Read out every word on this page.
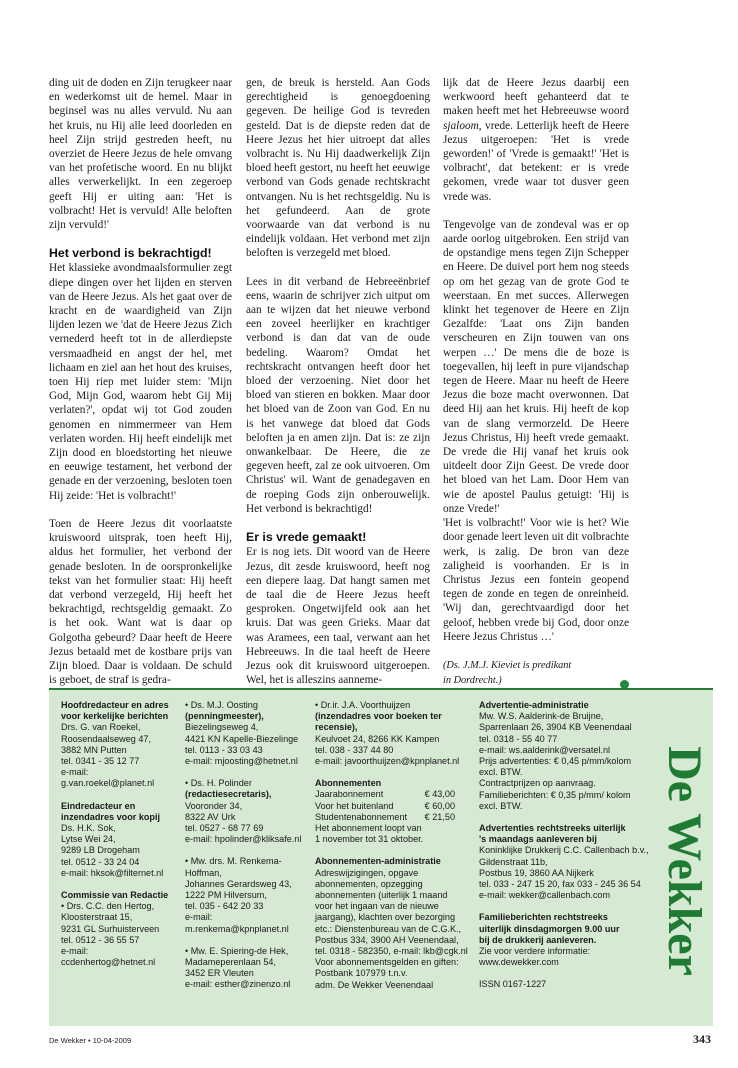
ding uit de doden en Zijn terugkeer naar en wederkomst uit de hemel. Maar in beginsel was nu alles vervuld. Nu aan het kruis, nu Hij alle leed doorleden en heel Zijn strijd gestreden heeft, nu overziet de Heere Jezus de hele omvang van het profetische woord. En nu blijkt alles verwerkelijkt. In een zegeroep geeft Hij er uiting aan: 'Het is volbracht! Het is vervuld! Alle beloften zijn vervuld!'

Het verbond is bekrachtigd!

Het klassieke avondmaalsformulier zegt diepe dingen over het lijden en sterven van de Heere Jezus. Als het gaat over de kracht en de waardigheid van Zijn lijden lezen we 'dat de Heere Jezus Zich vernederd heeft tot in de allerdiepste versmaadheid en angst der hel, met lichaam en ziel aan het hout des kruises, toen Hij riep met luider stem: 'Mijn God, Mijn God, waarom hebt Gij Mij verlaten?', opdat wij tot God zouden genomen en nimmermeer van Hem verlaten worden. Hij heeft eindelijk met Zijn dood en bloedstorting het nieuwe en eeuwige testament, het verbond der genade en der verzoening, besloten toen Hij zeide: 'Het is volbracht!'

Toen de Heere Jezus dit voorlaatste kruiswoord uitsprak, toen heeft Hij, aldus het formulier, het verbond der genade besloten. In de oorspronkelijke tekst van het formulier staat: Hij heeft dat verbond verzegeld, Hij heeft het bekrachtigd, rechtsgeldig gemaakt. Zo is het ook. Want wat is daar op Golgotha gebeurd? Daar heeft de Heere Jezus betaald met de kostbare prijs van Zijn bloed. Daar is voldaan. De schuld is geboet, de straf is gedra-

gen, de breuk is hersteld. Aan Gods gerechtigheid is genoegdoening gegeven. De heilige God is tevreden gesteld. Dat is de diepste reden dat de Heere Jezus het hier uitroept dat alles volbracht is. Nu Hij daadwerkelijk Zijn bloed heeft gestort, nu heeft het eeuwige verbond van Gods genade rechtskracht ontvangen. Nu is het rechtsgeldig. Nu is het gefundeerd. Aan de grote voorwaarde van dat verbond is nu eindelijk voldaan. Het verbond met zijn beloften is verzegeld met bloed.

Lees in dit verband de Hebreeënbrief eens, waarin de schrijver zich uitput om aan te wijzen dat het nieuwe verbond een zoveel heerlijker en krachtiger verbond is dan dat van de oude bedeling. Waarom? Omdat het rechtskracht ontvangen heeft door het bloed der verzoening. Niet door het bloed van stieren en bokken. Maar door het bloed van de Zoon van God. En nu is het vanwege dat bloed dat Gods beloften ja en amen zijn. Dat is: ze zijn onwankelbaar. De Heere, die ze gegeven heeft, zal ze ook uitvoeren. Om Christus' wil. Want de genadegaven en de roeping Gods zijn onberouwelijk. Het verbond is bekrachtigd!

Er is vrede gemaakt!

Er is nog iets. Dit woord van de Heere Jezus, dit zesde kruiswoord, heeft nog een diepere laag. Dat hangt samen met de taal die de Heere Jezus heeft gesproken. Ongetwijfeld ook aan het kruis. Dat was geen Grieks. Maar dat was Aramees, een taal, verwant aan het Hebreeuws. In die taal heeft de Heere Jezus ook dit kruiswoord uitgeroepen. Wel, het is alleszins aanneme-

lijk dat de Heere Jezus daarbij een werkwoord heeft gehanteerd dat te maken heeft met het Hebreeuwse woord sjaloom, vrede. Letterlijk heeft de Heere Jezus uitgeroepen: 'Het is vrede geworden!' of 'Vrede is gemaakt!' 'Het is volbracht', dat betekent: er is vrede gekomen, vrede waar tot dusver geen vrede was.

Tengevolge van de zondeval was er op aarde oorlog uitgebroken. Een strijd van de opstandige mens tegen Zijn Schepper en Heere. De duivel port hem nog steeds op om het gezag van de grote God te weerstaan. En met succes. Allerwegen klinkt het tegenover de Heere en Zijn Gezalfde: 'Laat ons Zijn banden verscheuren en Zijn touwen van ons werpen …' De mens die de boze is toegevallen, hij leeft in pure vijandschap tegen de Heere. Maar nu heeft de Heere Jezus die boze macht overwonnen. Dat deed Hij aan het kruis. Hij heeft de kop van de slang vermorzeld. De Heere Jezus Christus, Hij heeft vrede gemaakt. De vrede die Hij vanaf het kruis ook uitdeelt door Zijn Geest. De vrede door het bloed van het Lam. Door Hem van wie de apostel Paulus getuigt: 'Hij is onze Vrede!'

'Het is volbracht!' Voor wie is het? Wie door genade leert leven uit dit volbrachte werk, is zalig. De bron van deze zaligheid is voorhanden. Er is in Christus Jezus een fontein geopend tegen de zonde en tegen de onreinheid. 'Wij dan, gerechtvaardigd door het geloof, hebben vrede bij God, door onze Heere Jezus Christus …'

(Ds. J.M.J. Kieviet is predikant
in Dordrecht.)
Hoofdredacteur en adres
voor kerkelijke berichten
Drs. G. van Roekel,
Roosendaalseweg 47,
3882 MN Putten
tel. 0341 - 35 12 77
e-mail:
g.van.roekel@planet.nl
Eindredacteur en
inzendadres voor kopij
Ds. H.K. Sok,
Lytse Wei 24,
9289 LB Drogeham
tel. 0512 - 33 24 04
e-mail: hksok@filternet.nl
Commissie van Redactie
• Drs. C.C. den Hertog,
Kloosterstraat 15,
9231 GL Surhuisterveen
tel. 0512 - 36 55 57
e-mail:
ccdenhertog@hetnet.nl
• Ds. M.J. Oosting
(penningmeester),
Biezelingseweg 4,
4421 KN Kapelle-Biezelinge
tel. 0113 - 33 03 43
e-mail: mjoosting@hetnet.nl
• Ds. H. Polinder
(redactiesecretaris),
Vooronder 34,
8322 AV Urk
tel. 0527 - 68 77 69
e-mail: hpolinder@kliksafe.nl
• Mw. drs. M. Renkema-
Hoffman,
Johannes Gerardsweg 43,
1222 PM Hilversum,
tel. 035 - 642 20 33
e-mail:
m.renkema@kpnplanet.nl
• Mw. E. Spiering-de Hek,
Madameperenlaan 54,
3452 ER Vleuten
e-mail: esther@zinenzo.nl
• Dr.ir. J.A. Voorthuijzen
(inzendadres voor boeken ter
recensie),
Keulvoet 24, 8266 KK Kampen
tel. 038 - 337 44 80
e-mail: javoorthuijzen@kpnplanet.nl
Abonnementen
Jaarabonnement	€ 43,00
Voor het buitenland	€ 60,00
Studentenabonnement € 21,50
Het abonnement loopt van
1 november tot 31 oktober.
Abonnementen-administratie
Adreswijzigingen, opgave
abonnementen, opzegging
abonnementen (uiterlijk 1 maand
voor het ingaan van de nieuwe
jaargang), klachten over bezorging
etc.: Dienstenbureau van de C.G.K.,
Postbus 334, 3900 AH Veenendaal,
tel. 0318 - 582350, e-mail: lkb@cgk.nl
Voor abonnementsgelden en giften:
Postbank 107979 t.n.v.
adm. De Wekker Veenendaal
Advertentie-administratie
Mw. W.S. Aalderink-de Bruijne,
Sparrenlaan 26, 3904 KB Veenendaal
tel. 0318 - 55 40 77
e-mail: ws.aalderink@versatel.nl
Prijs advertenties: € 0,45 p/mm/kolom
excl. BTW.
Contractprijzen op aanvraag.
Familieberichten: € 0,35 p/mm/ kolom
excl. BTW.
Advertenties rechtstreeks uiterlijk
's maandags aanleveren bij
Koninklijke Drukkerij C.C. Callenbach b.v.,
Gildenstraat 11b,
Postbus 19, 3860 AA Nijkerk
tel. 033 - 247 15 20, fax 033 - 245 36 54
e-mail: wekker@callenbach.com
Familieberichten rechtstreeks
uiterlijk dinsdagmorgen 9.00 uur
bij de drukkerij aanleveren.
Zie voor verdere informatie:
www.dewekker.com
ISSN 0167-1227
De Wekker
De Wekker • 10-04-2009	343
